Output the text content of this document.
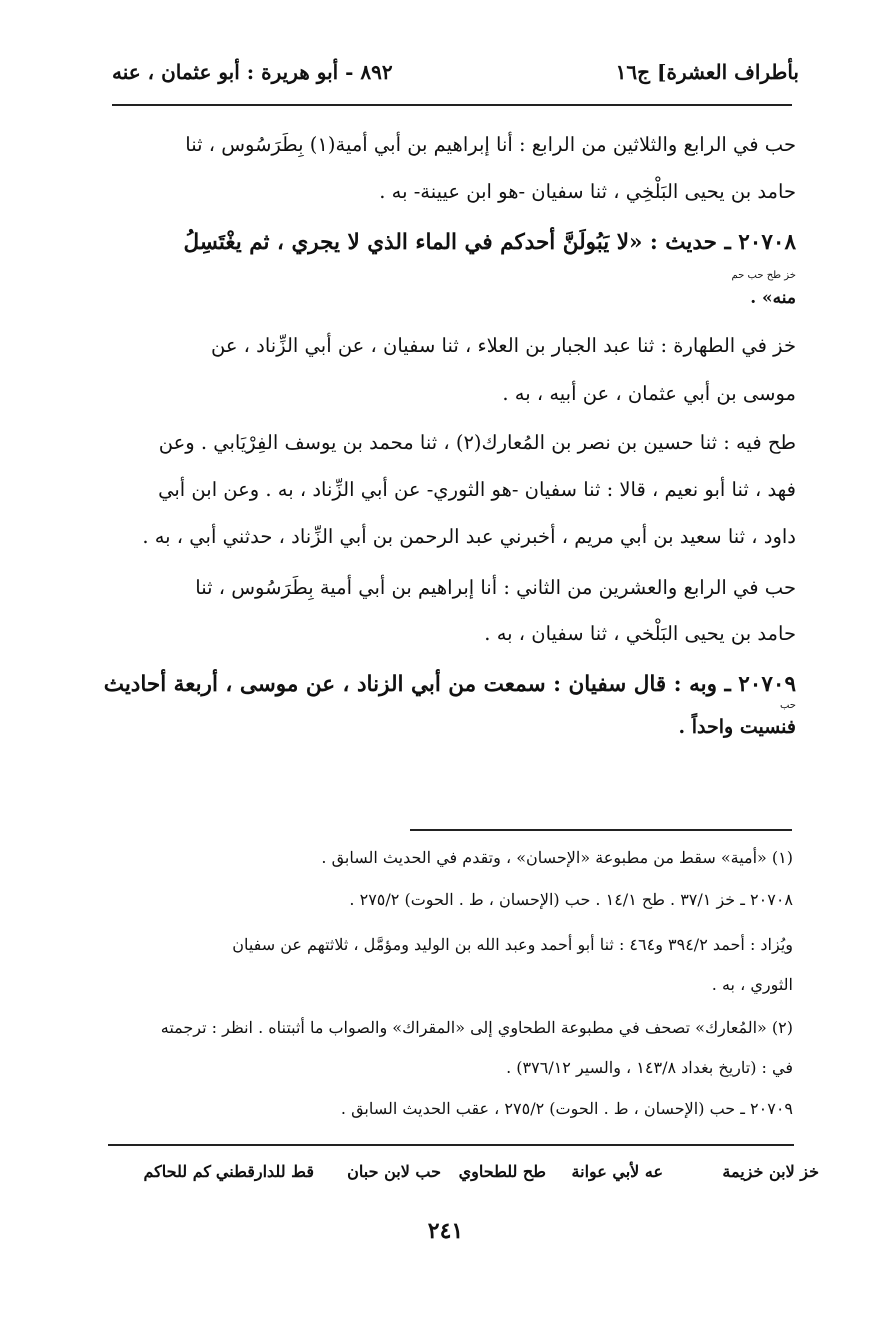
بأطراف العشرة] ج١٦
٨٩٢ - أبو هريرة : أبو عثمان ، عنه
حب في الرابع والثلاثين من الرابع : أنا إبراهيم بن أبي أمية(١) بِطَرَسُوس ، ثنا
حامد بن يحيى البَلْخِي ، ثنا سفيان -هو ابن عيينة- به .
٢٠٧٠٨ ـ حديث : «لا يَبُولَنَّ أحدكم في الماء الذي لا يجري ، ثم يغْتَسِلُ
خز طح حب حم
منه» .
خز في الطهارة : ثنا عبد الجبار بن العلاء ، ثنا سفيان ، عن أبي الزِّناد ، عن
موسى بن أبي عثمان ، عن أبيه ، به .
طح فيه : ثنا حسين بن نصر بن المُعارك(٢) ، ثنا محمد بن يوسف الفِرْيَابي . وعن
فهد ، ثنا أبو نعيم ، قالا : ثنا سفيان -هو الثوري- عن أبي الزِّناد ، به . وعن ابن أبي
داود ، ثنا سعيد بن أبي مريم ، أخبرني عبد الرحمن بن أبي الزِّناد ، حدثني أبي ، به .
حب في الرابع والعشرين من الثاني : أنا إبراهيم بن أبي أمية بِطَرَسُوس ، ثنا
حامد بن يحيى البَلْخي ، ثنا سفيان ، به .
٢٠٧٠٩ ـ وبه : قال سفيان : سمعت من أبي الزناد ، عن موسى ، أربعة أحاديث
حب
فنسيت واحداً .
(١) «أمية» سقط من مطبوعة «الإحسان» ، وتقدم في الحديث السابق .
٢٠٧٠٨ ـ خز ٣٧/١ . طح ١٤/١ . حب (الإحسان ، ط . الحوت) ٢٧٥/٢ .
ويُزاد : أحمد ٣٩٤/٢ و٤٦٤ : ثنا أبو أحمد وعبد الله بن الوليد ومؤمَّل ، ثلاثتهم عن سفيان
الثوري ، به .
(٢) «المُعارك» تصحف في مطبوعة الطحاوي إلى «المقراك» والصواب ما أثبتناه . انظر : ترجمته
في : (تاريخ بغداد ١٤٣/٨ ، والسير ٣٧٦/١٢) .
٢٠٧٠٩ ـ حب (الإحسان ، ط . الحوت) ٢٧٥/٢ ، عقب الحديث السابق .
خز لابن خزيمة
عه لأبي عوانة
طح للطحاوي
حب لابن حبان
قط للدارقطني
كم للحاكم
٢٤١
